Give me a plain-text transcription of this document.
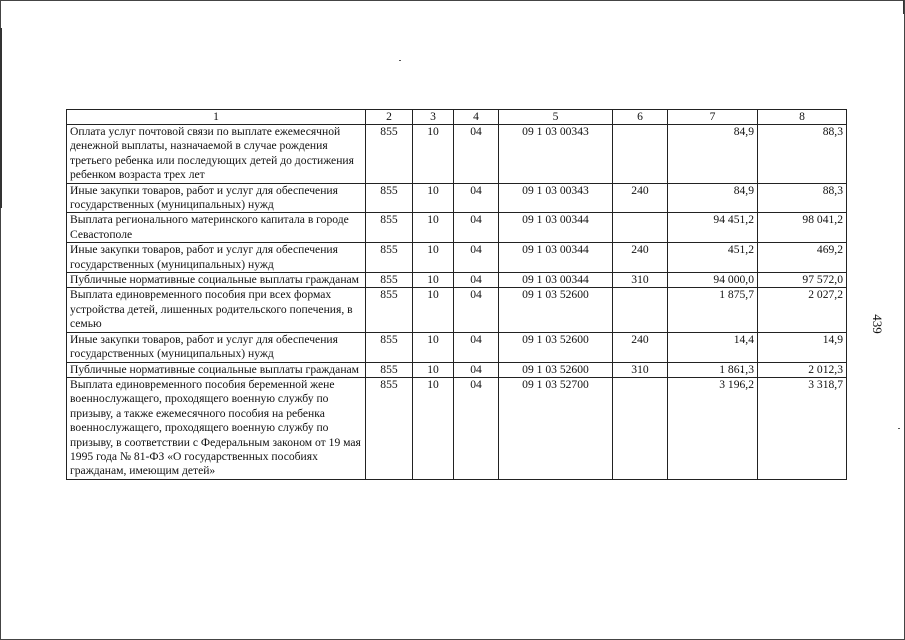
439
1	2	3	4	5	6	7	8
Оплата услуг почтовой связи по выплате ежемесячной денежной выплаты, назначаемой в случае рождения третьего ребенка или последующих детей до достижения ребенком возраста трех лет	855	10	04	09 1 03 00343		84,9	88,3
Иные закупки товаров, работ и услуг для обеспечения государственных (муниципальных) нужд	855	10	04	09 1 03 00343	240	84,9	88,3
Выплата регионального материнского капитала в городе Севастополе	855	10	04	09 1 03 00344		94 451,2	98 041,2
Иные закупки товаров, работ и услуг для обеспечения государственных (муниципальных) нужд	855	10	04	09 1 03 00344	240	451,2	469,2
Публичные нормативные социальные выплаты гражданам	855	10	04	09 1 03 00344	310	94 000,0	97 572,0
Выплата единовременного пособия при всех формах устройства детей, лишенных родительского попечения, в семью	855	10	04	09 1 03 52600		1 875,7	2 027,2
Иные закупки товаров, работ и услуг для обеспечения государственных (муниципальных) нужд	855	10	04	09 1 03 52600	240	14,4	14,9
Публичные нормативные социальные выплаты гражданам	855	10	04	09 1 03 52600	310	1 861,3	2 012,3
Выплата единовременного пособия беременной жене военнослужащего, проходящего военную службу по призыву, а также ежемесячного пособия на ребенка военнослужащего, проходящего военную службу по призыву, в соответствии с Федеральным законом от 19 мая 1995 года № 81-ФЗ «О государственных пособиях гражданам, имеющим детей»	855	10	04	09 1 03 52700		3 196,2	3 318,7
